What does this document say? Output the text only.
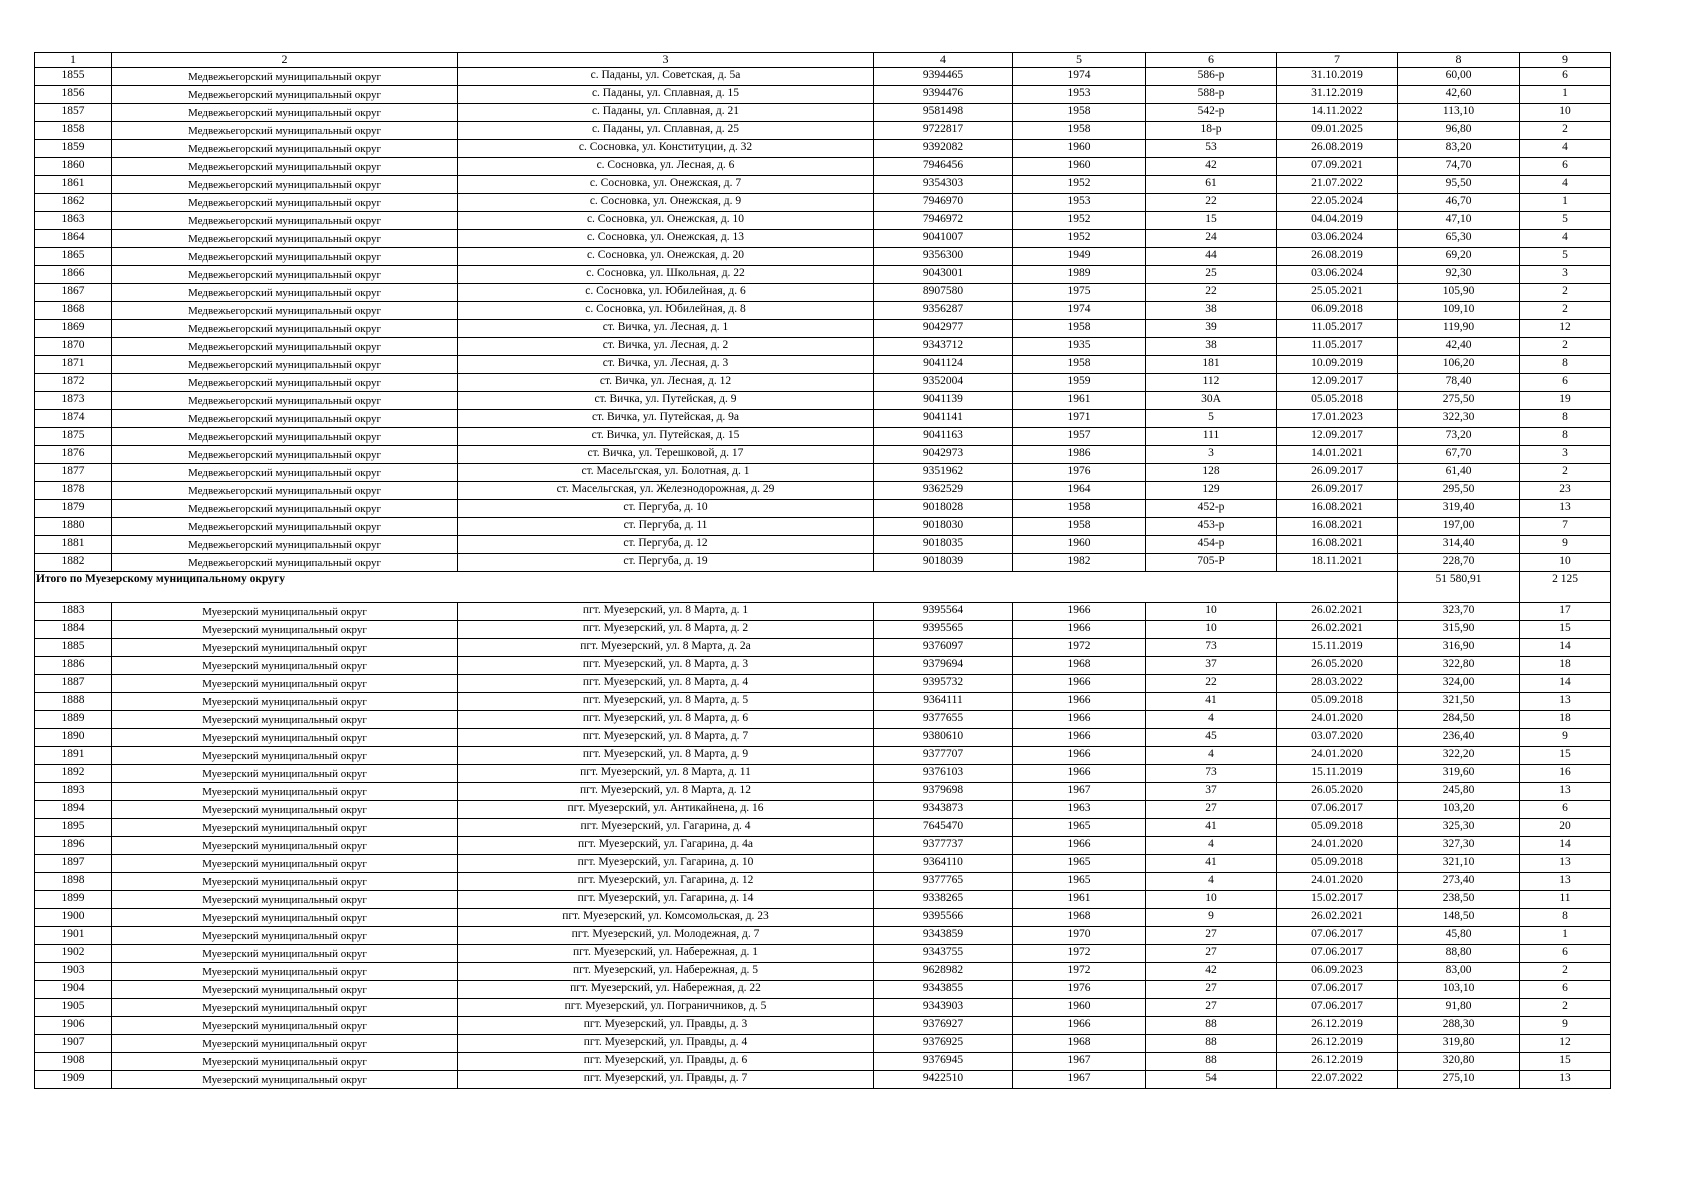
1	2	3	4	5	6	7	8	9
1855	Медвежьегорский муниципальный округ	с. Паданы, ул. Советская, д. 5а	9394465	1974	586-р	31.10.2019	60,00	6
1856	Медвежьегорский муниципальный округ	с. Паданы, ул. Сплавная, д. 15	9394476	1953	588-р	31.12.2019	42,60	1
1857	Медвежьегорский муниципальный округ	с. Паданы, ул. Сплавная, д. 21	9581498	1958	542-р	14.11.2022	113,10	10
1858	Медвежьегорский муниципальный округ	с. Паданы, ул. Сплавная, д. 25	9722817	1958	18-р	09.01.2025	96,80	2
1859	Медвежьегорский муниципальный округ	с. Сосновка, ул. Конституции, д. 32	9392082	1960	53	26.08.2019	83,20	4
1860	Медвежьегорский муниципальный округ	с. Сосновка, ул. Лесная, д. 6	7946456	1960	42	07.09.2021	74,70	6
1861	Медвежьегорский муниципальный округ	с. Сосновка, ул. Онежская, д. 7	9354303	1952	61	21.07.2022	95,50	4
1862	Медвежьегорский муниципальный округ	с. Сосновка, ул. Онежская, д. 9	7946970	1953	22	22.05.2024	46,70	1
1863	Медвежьегорский муниципальный округ	с. Сосновка, ул. Онежская, д. 10	7946972	1952	15	04.04.2019	47,10	5
1864	Медвежьегорский муниципальный округ	с. Сосновка, ул. Онежская, д. 13	9041007	1952	24	03.06.2024	65,30	4
1865	Медвежьегорский муниципальный округ	с. Сосновка, ул. Онежская, д. 20	9356300	1949	44	26.08.2019	69,20	5
1866	Медвежьегорский муниципальный округ	с. Сосновка, ул. Школьная, д. 22	9043001	1989	25	03.06.2024	92,30	3
1867	Медвежьегорский муниципальный округ	с. Сосновка, ул. Юбилейная, д. 6	8907580	1975	22	25.05.2021	105,90	2
1868	Медвежьегорский муниципальный округ	с. Сосновка, ул. Юбилейная, д. 8	9356287	1974	38	06.09.2018	109,10	2
1869	Медвежьегорский муниципальный округ	ст. Вичка, ул. Лесная, д. 1	9042977	1958	39	11.05.2017	119,90	12
1870	Медвежьегорский муниципальный округ	ст. Вичка, ул. Лесная, д. 2	9343712	1935	38	11.05.2017	42,40	2
1871	Медвежьегорский муниципальный округ	ст. Вичка, ул. Лесная, д. 3	9041124	1958	181	10.09.2019	106,20	8
1872	Медвежьегорский муниципальный округ	ст. Вичка, ул. Лесная, д. 12	9352004	1959	112	12.09.2017	78,40	6
1873	Медвежьегорский муниципальный округ	ст. Вичка, ул. Путейская, д. 9	9041139	1961	30А	05.05.2018	275,50	19
1874	Медвежьегорский муниципальный округ	ст. Вичка, ул. Путейская, д. 9а	9041141	1971	5	17.01.2023	322,30	8
1875	Медвежьегорский муниципальный округ	ст. Вичка, ул. Путейская, д. 15	9041163	1957	111	12.09.2017	73,20	8
1876	Медвежьегорский муниципальный округ	ст. Вичка, ул. Терешковой, д. 17	9042973	1986	3	14.01.2021	67,70	3
1877	Медвежьегорский муниципальный округ	ст. Масельгская, ул. Болотная, д. 1	9351962	1976	128	26.09.2017	61,40	2
1878	Медвежьегорский муниципальный округ	ст. Масельгская, ул. Железнодорожная, д. 29	9362529	1964	129	26.09.2017	295,50	23
1879	Медвежьегорский муниципальный округ	ст. Пергуба, д. 10	9018028	1958	452-р	16.08.2021	319,40	13
1880	Медвежьегорский муниципальный округ	ст. Пергуба, д. 11	9018030	1958	453-р	16.08.2021	197,00	7
1881	Медвежьегорский муниципальный округ	ст. Пергуба, д. 12	9018035	1960	454-р	16.08.2021	314,40	9
1882	Медвежьегорский муниципальный округ	ст. Пергуба, д. 19	9018039	1982	705-Р	18.11.2021	228,70	10
Итого по Муезерскому муниципальному округу							51 580,91	2 125
1883	Муезерский муниципальный округ	пгт. Муезерский, ул. 8 Марта, д. 1	9395564	1966	10	26.02.2021	323,70	17
1884	Муезерский муниципальный округ	пгт. Муезерский, ул. 8 Марта, д. 2	9395565	1966	10	26.02.2021	315,90	15
1885	Муезерский муниципальный округ	пгт. Муезерский, ул. 8 Марта, д. 2а	9376097	1972	73	15.11.2019	316,90	14
1886	Муезерский муниципальный округ	пгт. Муезерский, ул. 8 Марта, д. 3	9379694	1968	37	26.05.2020	322,80	18
1887	Муезерский муниципальный округ	пгт. Муезерский, ул. 8 Марта, д. 4	9395732	1966	22	28.03.2022	324,00	14
1888	Муезерский муниципальный округ	пгт. Муезерский, ул. 8 Марта, д. 5	9364111	1966	41	05.09.2018	321,50	13
1889	Муезерский муниципальный округ	пгт. Муезерский, ул. 8 Марта, д. 6	9377655	1966	4	24.01.2020	284,50	18
1890	Муезерский муниципальный округ	пгт. Муезерский, ул. 8 Марта, д. 7	9380610	1966	45	03.07.2020	236,40	9
1891	Муезерский муниципальный округ	пгт. Муезерский, ул. 8 Марта, д. 9	9377707	1966	4	24.01.2020	322,20	15
1892	Муезерский муниципальный округ	пгт. Муезерский, ул. 8 Марта, д. 11	9376103	1966	73	15.11.2019	319,60	16
1893	Муезерский муниципальный округ	пгт. Муезерский, ул. 8 Марта, д. 12	9379698	1967	37	26.05.2020	245,80	13
1894	Муезерский муниципальный округ	пгт. Муезерский, ул. Антикайнена, д. 16	9343873	1963	27	07.06.2017	103,20	6
1895	Муезерский муниципальный округ	пгт. Муезерский, ул. Гагарина, д. 4	7645470	1965	41	05.09.2018	325,30	20
1896	Муезерский муниципальный округ	пгт. Муезерский, ул. Гагарина, д. 4а	9377737	1966	4	24.01.2020	327,30	14
1897	Муезерский муниципальный округ	пгт. Муезерский, ул. Гагарина, д. 10	9364110	1965	41	05.09.2018	321,10	13
1898	Муезерский муниципальный округ	пгт. Муезерский, ул. Гагарина, д. 12	9377765	1965	4	24.01.2020	273,40	13
1899	Муезерский муниципальный округ	пгт. Муезерский, ул. Гагарина, д. 14	9338265	1961	10	15.02.2017	238,50	11
1900	Муезерский муниципальный округ	пгт. Муезерский, ул. Комсомольская, д. 23	9395566	1968	9	26.02.2021	148,50	8
1901	Муезерский муниципальный округ	пгт. Муезерский, ул. Молодежная, д. 7	9343859	1970	27	07.06.2017	45,80	1
1902	Муезерский муниципальный округ	пгт. Муезерский, ул. Набережная, д. 1	9343755	1972	27	07.06.2017	88,80	6
1903	Муезерский муниципальный округ	пгт. Муезерский, ул. Набережная, д. 5	9628982	1972	42	06.09.2023	83,00	2
1904	Муезерский муниципальный округ	пгт. Муезерский, ул. Набережная, д. 22	9343855	1976	27	07.06.2017	103,10	6
1905	Муезерский муниципальный округ	пгт. Муезерский, ул. Пограничников, д. 5	9343903	1960	27	07.06.2017	91,80	2
1906	Муезерский муниципальный округ	пгт. Муезерский, ул. Правды, д. 3	9376927	1966	88	26.12.2019	288,30	9
1907	Муезерский муниципальный округ	пгт. Муезерский, ул. Правды, д. 4	9376925	1968	88	26.12.2019	319,80	12
1908	Муезерский муниципальный округ	пгт. Муезерский, ул. Правды, д. 6	9376945	1967	88	26.12.2019	320,80	15
1909	Муезерский муниципальный округ	пгт. Муезерский, ул. Правды, д. 7	9422510	1967	54	22.07.2022	275,10	13
